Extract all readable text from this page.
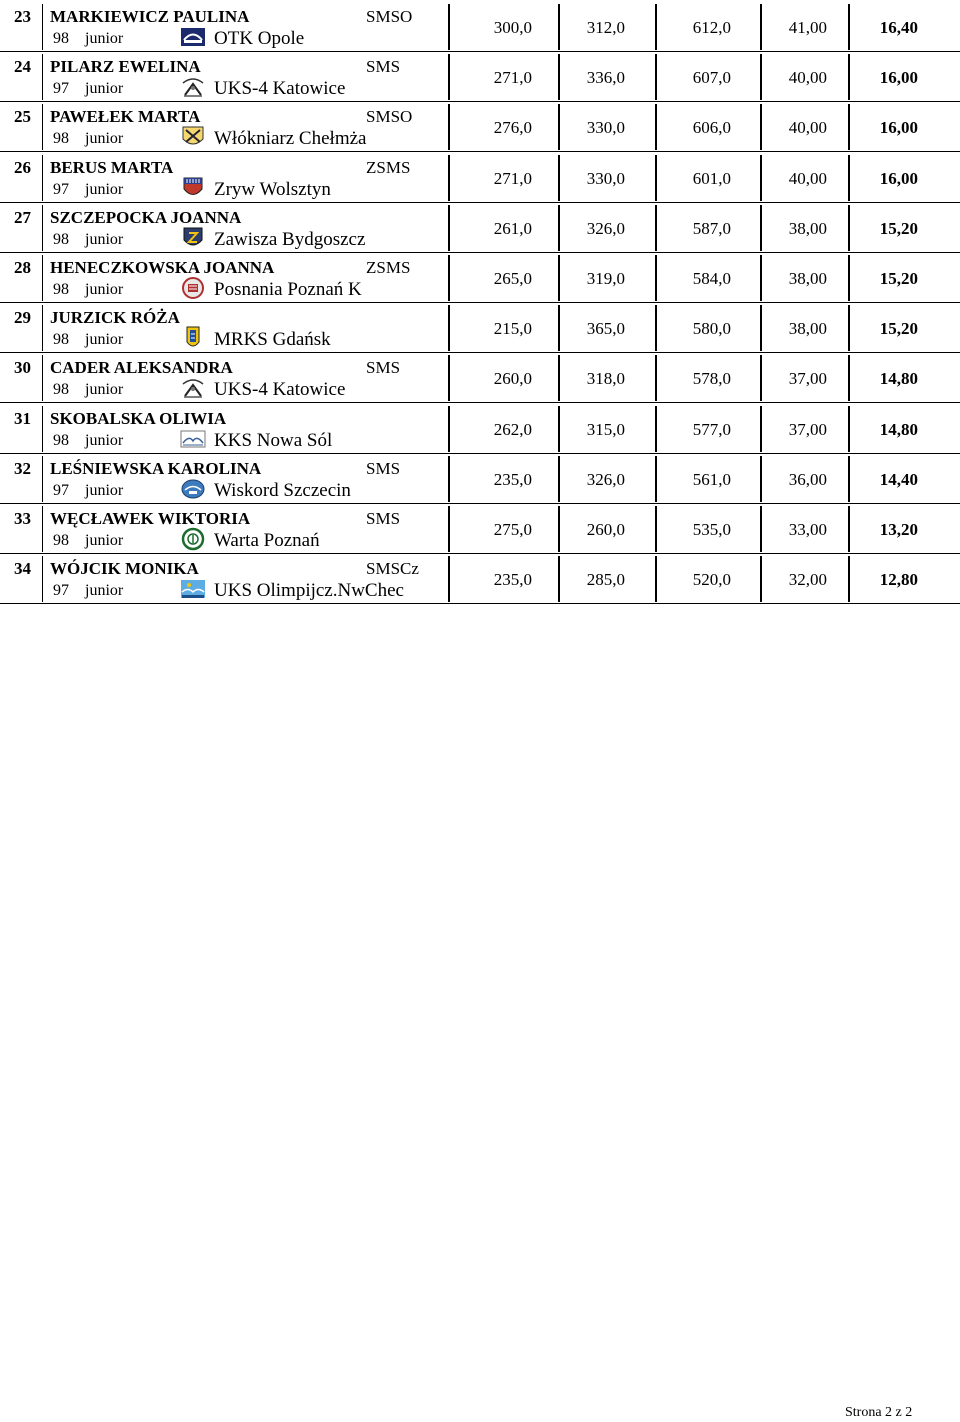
23 MARKIEWICZ PAULINA	SMSO
98 junior	OTK Opole
300,0	312,0	612,0	41,00	16,40
24 PILARZ EWELINA	SMS
97 junior	UKS-4 Katowice
271,0	336,0	607,0	40,00	16,00
25 PAWEŁEK MARTA	SMSO
98 junior	Włókniarz Chełmża
276,0	330,0	606,0	40,00	16,00
26 BERUS MARTA	ZSMS
97 junior	Zryw Wolsztyn
271,0	330,0	601,0	40,00	16,00
27 SZCZEPOCKA JOANNA
98 junior	Zawisza Bydgoszcz
261,0	326,0	587,0	38,00	15,20
28 HENECZKOWSKA JOANNA	ZSMS
98 junior	Posnania Poznań K
265,0	319,0	584,0	38,00	15,20
29 JURZICK RÓŻA
98 junior	MRKS Gdańsk
215,0	365,0	580,0	38,00	15,20
30 CADER ALEKSANDRA	SMS
98 junior	UKS-4 Katowice
260,0	318,0	578,0	37,00	14,80
31 SKOBALSKA OLIWIA
98 junior	KKS Nowa Sól
262,0	315,0	577,0	37,00	14,80
32 LEŚNIEWSKA KAROLINA	SMS
97 junior	Wiskord Szczecin
235,0	326,0	561,0	36,00	14,40
33 WĘCŁAWEK WIKTORIA	SMS
98 junior	Warta Poznań
275,0	260,0	535,0	33,00	13,20
34 WÓJCIK MONIKA	SMSCz
97 junior	UKS Olimpijcz.NwChec
235,0	285,0	520,0	32,00	12,80
Strona 2 z 2
